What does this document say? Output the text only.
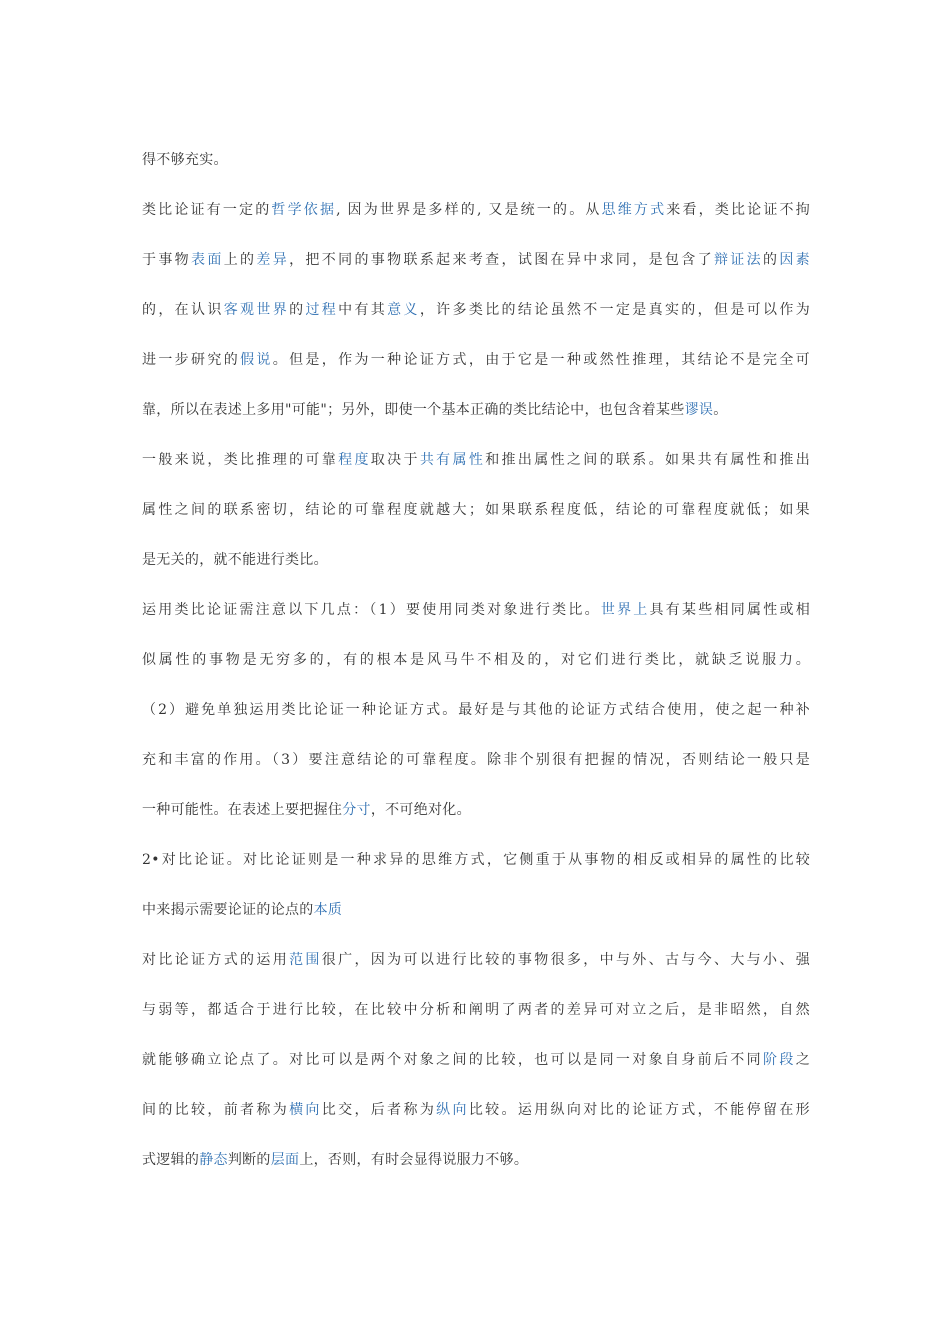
得不够充实。
类比论证有一定的哲学依据, 因为世界是多样的, 又是统一的。从思维方式来看，类比论证不拘
于事物表面上的差异，把不同的事物联系起来考查，试图在异中求同，是包含了辩证法的因素
的，在认识客观世界的过程中有其意义，许多类比的结论虽然不一定是真实的，但是可以作为
进一步研究的假说。但是，作为一种论证方式，由于它是一种或然性推理，其结论不是完全可
靠，所以在表述上多用"可能"；另外，即使一个基本正确的类比结论中，也包含着某些谬误。
一般来说，类比推理的可靠程度取决于共有属性和推出属性之间的联系。如果共有属性和推出
属性之间的联系密切，结论的可靠程度就越大；如果联系程度低，结论的可靠程度就低；如果
是无关的，就不能进行类比。
运用类比论证需注意以下几点：（1）要使用同类对象进行类比。世界上具有某些相同属性或相
似属性的事物是无穷多的，有的根本是风马牛不相及的，对它们进行类比，就缺乏说服力。
（2）避免单独运用类比论证一种论证方式。最好是与其他的论证方式结合使用，使之起一种补
充和丰富的作用。（3）要注意结论的可靠程度。除非个别很有把握的情况，否则结论一般只是
一种可能性。在表述上要把握住分寸，不可绝对化。
2•对比论证。对比论证则是一种求异的思维方式，它侧重于从事物的相反或相异的属性的比较
中来揭示需要论证的论点的本质
对比论证方式的运用范围很广，因为可以进行比较的事物很多，中与外、古与今、大与小、强
与弱等，都适合于进行比较，在比较中分析和阐明了两者的差异可对立之后，是非昭然，自然
就能够确立论点了。对比可以是两个对象之间的比较，也可以是同一对象自身前后不同阶段之
间的比较，前者称为横向比交，后者称为纵向比较。运用纵向对比的论证方式，不能停留在形
式逻辑的静态判断的层面上，否则，有时会显得说服力不够。
